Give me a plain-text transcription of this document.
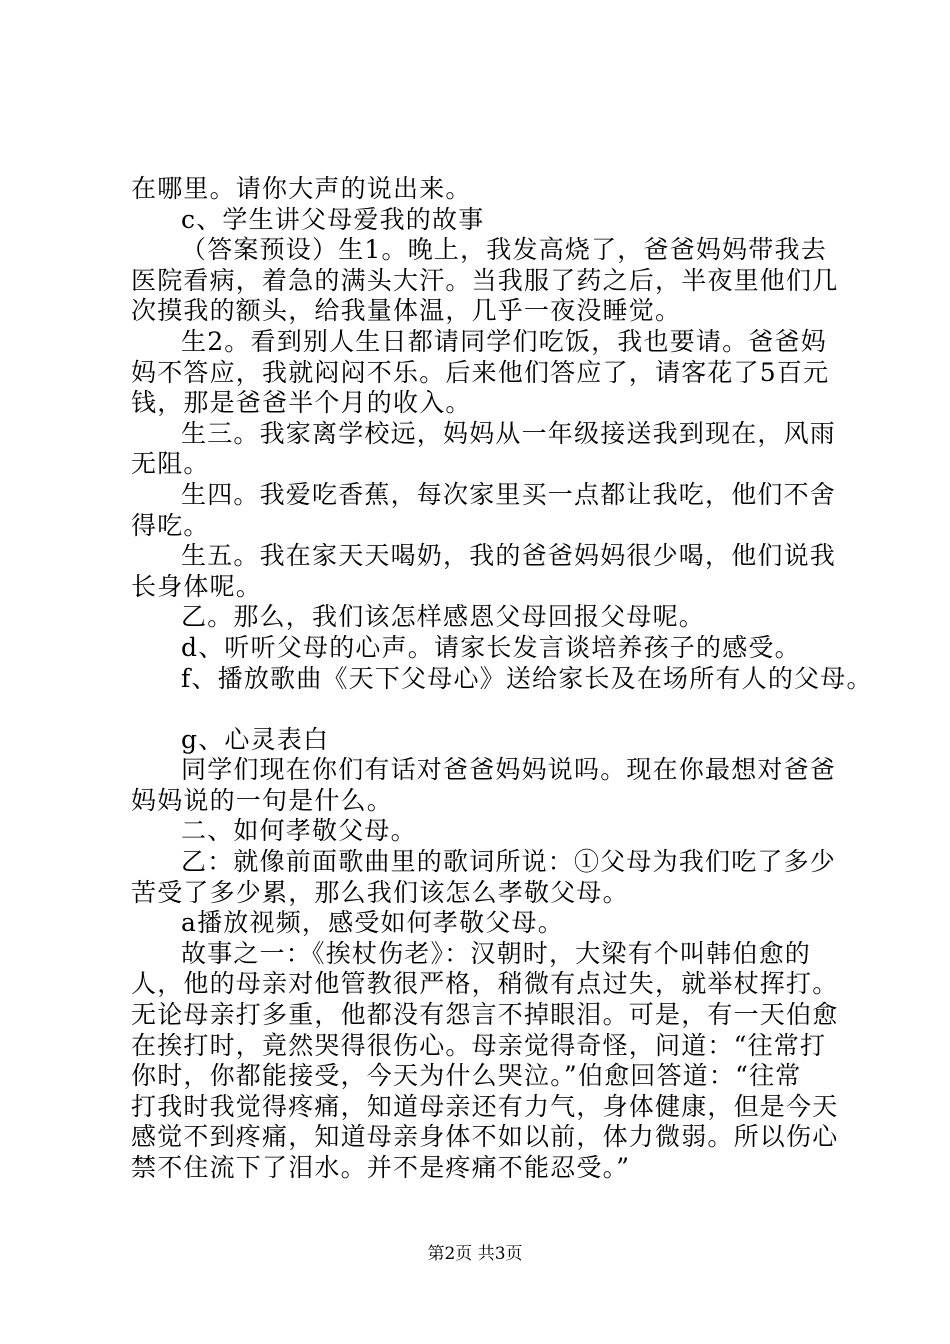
在哪里。请你大声的说出来。
c、学生讲父母爱我的故事
（答案预设）生1。晚上，我发高烧了，爸爸妈妈带我去
医院看病，着急的满头大汗。当我服了药之后，半夜里他们几
次摸我的额头，给我量体温，几乎一夜没睡觉。
生2。看到别人生日都请同学们吃饭，我也要请。爸爸妈
妈不答应，我就闷闷不乐。后来他们答应了，请客花了5百元
钱，那是爸爸半个月的收入。
生三。我家离学校远，妈妈从一年级接送我到现在，风雨
无阻。
生四。我爱吃香蕉，每次家里买一点都让我吃，他们不舍
得吃。
生五。我在家天天喝奶，我的爸爸妈妈很少喝，他们说我
长身体呢。
乙。那么，我们该怎样感恩父母回报父母呢。
d、听听父母的心声。请家长发言谈培养孩子的感受。
f、播放歌曲《天下父母心》送给家长及在场所有人的父母。
g、心灵表白
同学们现在你们有话对爸爸妈妈说吗。现在你最想对爸爸
妈妈说的一句是什么。
二、如何孝敬父母。
乙：就像前面歌曲里的歌词所说：①父母为我们吃了多少
苦受了多少累，那么我们该怎么孝敬父母。
a播放视频，感受如何孝敬父母。
故事之一：《挨杖伤老》：汉朝时，大梁有个叫韩伯愈的
人，他的母亲对他管教很严格，稍微有点过失，就举杖挥打。
无论母亲打多重，他都没有怨言不掉眼泪。可是，有一天伯愈
在挨打时，竟然哭得很伤心。母亲觉得奇怪，问道：“往常打
你时，你都能接受，今天为什么哭泣。”伯愈回答道：“往常
打我时我觉得疼痛，知道母亲还有力气，身体健康，但是今天
感觉不到疼痛，知道母亲身体不如以前，体力微弱。所以伤心
禁不住流下了泪水。并不是疼痛不能忍受。”
第2页 共3页
